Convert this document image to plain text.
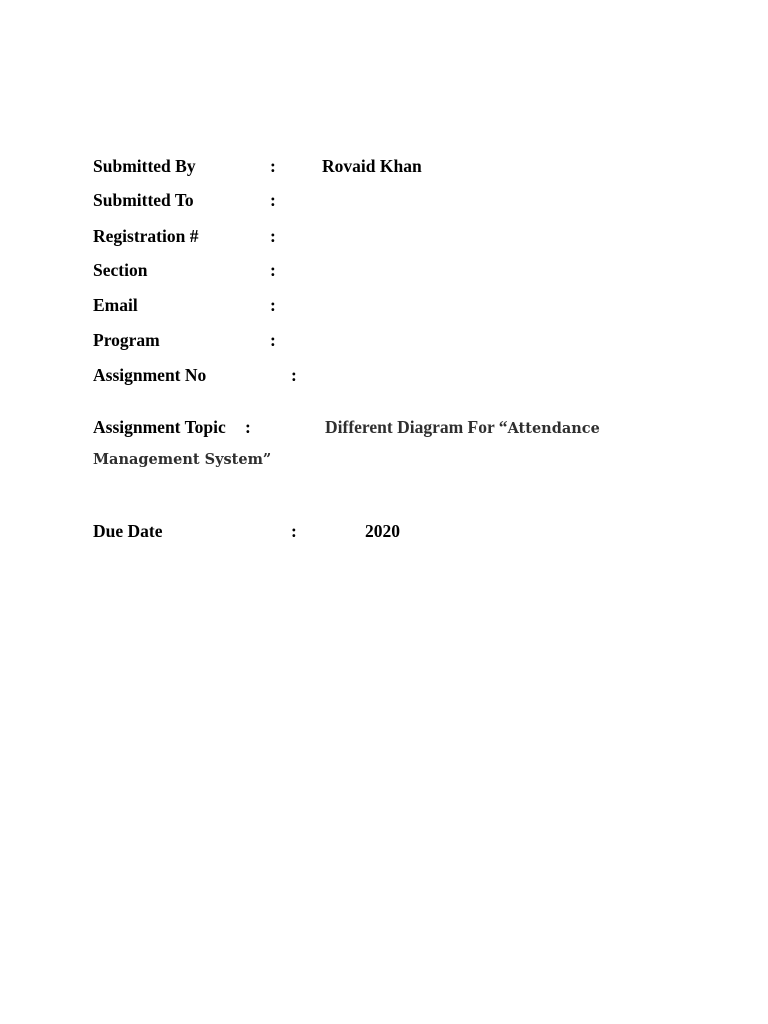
Submitted By	:	Rovaid Khan
Submitted To	:
Registration #	:
Section	:
Email	:
Program	:
Assignment No	:
Assignment Topic :	Different Diagram For “Attendance
Management System”
Due Date	:	2020
